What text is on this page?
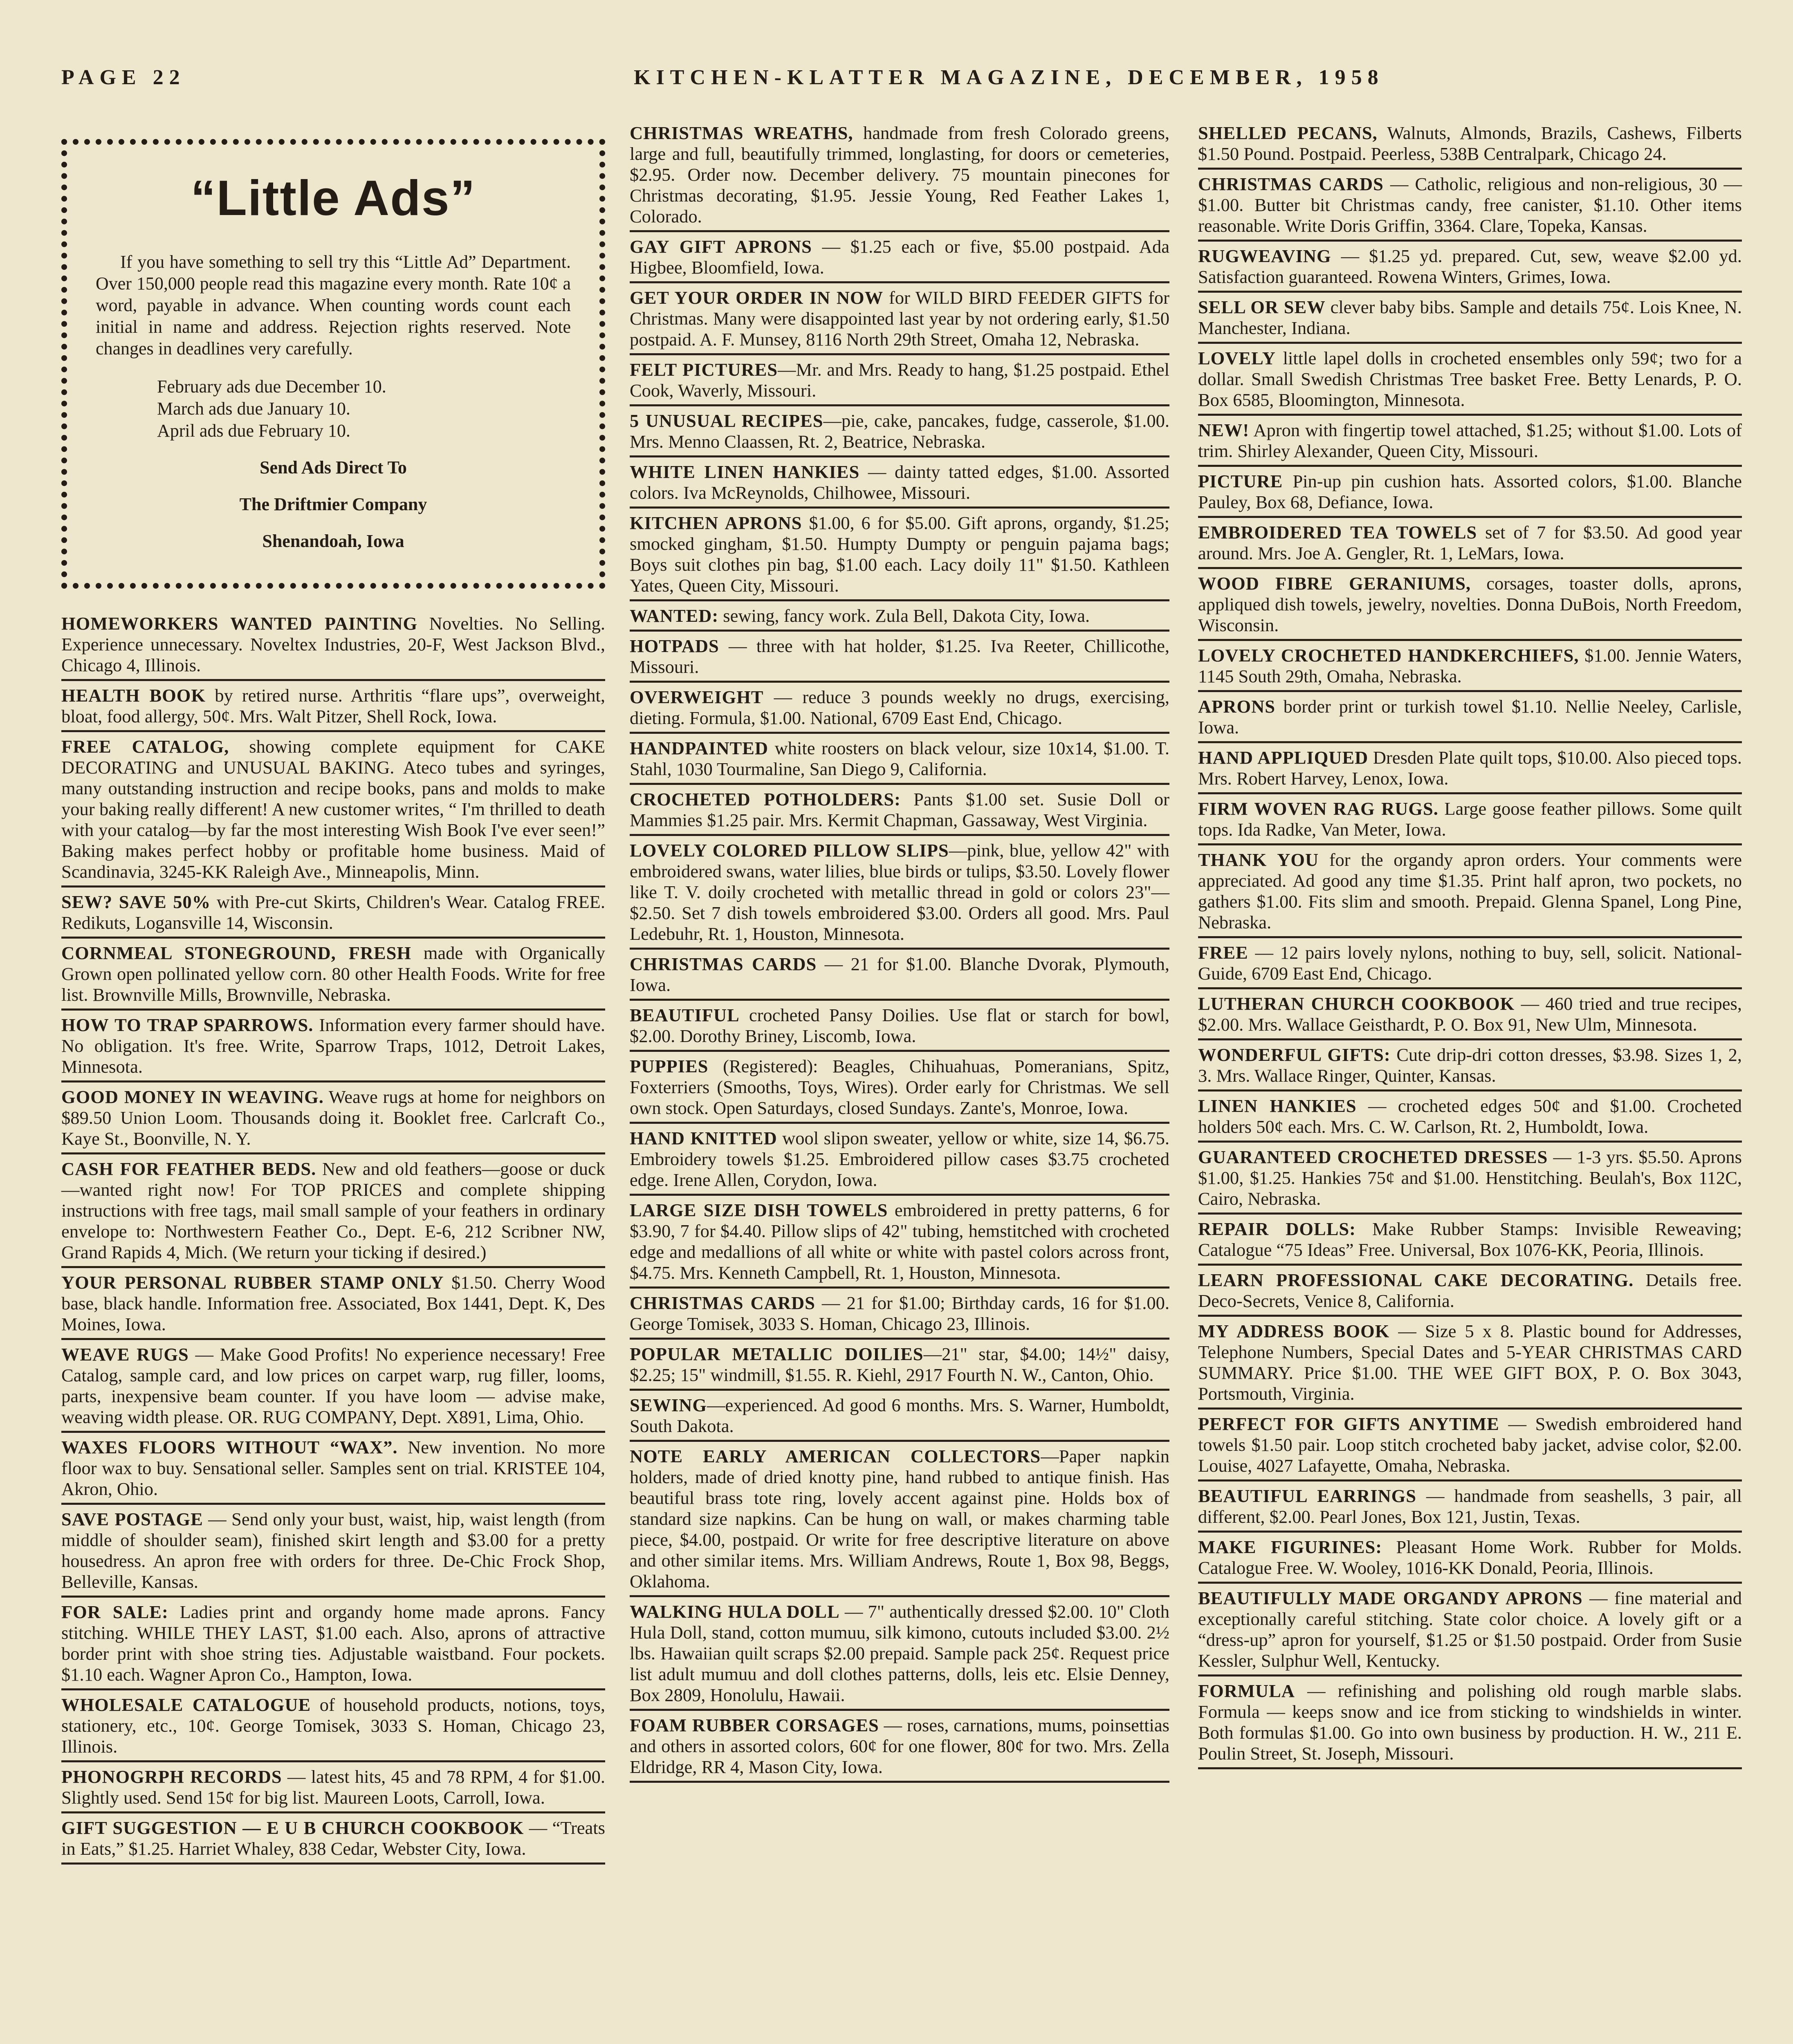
PAGE 22	KITCHEN-KLATTER MAGAZINE, DECEMBER, 1958
“Little Ads”
If you have something to sell try this “Little Ad” Department. Over 150,000 people read this magazine every month. Rate 10¢ a word, payable in advance. When counting words count each initial in name and address. Rejection rights reserved. Note changes in deadlines very carefully.
February ads due December 10.
March ads due January 10.
April ads due February 10.
Send Ads Direct To
The Driftmier Company
Shenandoah, Iowa
HOMEWORKERS WANTED PAINTING Novelties. No Selling. Experience unnecessary. Noveltex Industries, 20-F, West Jackson Blvd., Chicago 4, Illinois.
HEALTH BOOK by retired nurse. Arthritis “flare ups”, overweight, bloat, food allergy, 50¢. Mrs. Walt Pitzer, Shell Rock, Iowa.
FREE CATALOG, showing complete equipment for CAKE DECORATING and UNUSUAL BAKING. Ateco tubes and syringes, many outstanding instruction and recipe books, pans and molds to make your baking really different! A new customer writes, “ I'm thrilled to death with your catalog—by far the most interesting Wish Book I've ever seen!” Baking makes perfect hobby or profitable home business. Maid of Scandinavia, 3245-KK Raleigh Ave., Minneapolis, Minn.
SEW? SAVE 50% with Pre-cut Skirts, Children's Wear. Catalog FREE. Redikuts, Logansville 14, Wisconsin.
CORNMEAL STONEGROUND, FRESH made with Organically Grown open pollinated yellow corn. 80 other Health Foods. Write for free list. Brownville Mills, Brownville, Nebraska.
HOW TO TRAP SPARROWS. Information every farmer should have. No obligation. It's free. Write, Sparrow Traps, 1012, Detroit Lakes, Minnesota.
GOOD MONEY IN WEAVING. Weave rugs at home for neighbors on $89.50 Union Loom. Thousands doing it. Booklet free. Carlcraft Co., Kaye St., Boonville, N. Y.
CASH FOR FEATHER BEDS. New and old feathers—goose or duck—wanted right now! For TOP PRICES and complete shipping instructions with free tags, mail small sample of your feathers in ordinary envelope to: Northwestern Feather Co., Dept. E-6, 212 Scribner NW, Grand Rapids 4, Mich. (We return your ticking if desired.)
YOUR PERSONAL RUBBER STAMP ONLY $1.50. Cherry Wood base, black handle. Information free. Associated, Box 1441, Dept. K, Des Moines, Iowa.
WEAVE RUGS — Make Good Profits! No experience necessary! Free Catalog, sample card, and low prices on carpet warp, rug filler, looms, parts, inexpensive beam counter. If you have loom — advise make, weaving width please. OR. RUG COMPANY, Dept. X891, Lima, Ohio.
WAXES FLOORS WITHOUT “WAX”. New invention. No more floor wax to buy. Sensational seller. Samples sent on trial. KRISTEE 104, Akron, Ohio.
SAVE POSTAGE — Send only your bust, waist, hip, waist length (from middle of shoulder seam), finished skirt length and $3.00 for a pretty housedress. An apron free with orders for three. De-Chic Frock Shop, Belleville, Kansas.
FOR SALE: Ladies print and organdy home made aprons. Fancy stitching. WHILE THEY LAST, $1.00 each. Also, aprons of attractive border print with shoe string ties. Adjustable waistband. Four pockets. $1.10 each. Wagner Apron Co., Hampton, Iowa.
WHOLESALE CATALOGUE of household products, notions, toys, stationery, etc., 10¢. George Tomisek, 3033 S. Homan, Chicago 23, Illinois.
PHONOGRPH RECORDS — latest hits, 45 and 78 RPM, 4 for $1.00. Slightly used. Send 15¢ for big list. Maureen Loots, Carroll, Iowa.
GIFT SUGGESTION — E U B CHURCH COOKBOOK — “Treats in Eats,” $1.25. Harriet Whaley, 838 Cedar, Webster City, Iowa.
CHRISTMAS WREATHS, handmade from fresh Colorado greens, large and full, beautifully trimmed, longlasting, for doors or cemeteries, $2.95. Order now. December delivery. 75 mountain pinecones for Christmas decorating, $1.95. Jessie Young, Red Feather Lakes 1, Colorado.
GAY GIFT APRONS — $1.25 each or five, $5.00 postpaid. Ada Higbee, Bloomfield, Iowa.
GET YOUR ORDER IN NOW for WILD BIRD FEEDER GIFTS for Christmas. Many were disappointed last year by not ordering early, $1.50 postpaid. A. F. Munsey, 8116 North 29th Street, Omaha 12, Nebraska.
FELT PICTURES—Mr. and Mrs. Ready to hang, $1.25 postpaid. Ethel Cook, Waverly, Missouri.
5 UNUSUAL RECIPES—pie, cake, pancakes, fudge, casserole, $1.00. Mrs. Menno Claassen, Rt. 2, Beatrice, Nebraska.
WHITE LINEN HANKIES — dainty tatted edges, $1.00. Assorted colors. Iva McReynolds, Chilhowee, Missouri.
KITCHEN APRONS $1.00, 6 for $5.00. Gift aprons, organdy, $1.25; smocked gingham, $1.50. Humpty Dumpty or penguin pajama bags; Boys suit clothes pin bag, $1.00 each. Lacy doily 11" $1.50. Kathleen Yates, Queen City, Missouri.
WANTED: sewing, fancy work. Zula Bell, Dakota City, Iowa.
HOTPADS — three with hat holder, $1.25. Iva Reeter, Chillicothe, Missouri.
OVERWEIGHT — reduce 3 pounds weekly no drugs, exercising, dieting. Formula, $1.00. National, 6709 East End, Chicago.
HANDPAINTED white roosters on black velour, size 10x14, $1.00. T. Stahl, 1030 Tourmaline, San Diego 9, California.
CROCHETED POTHOLDERS: Pants $1.00 set. Susie Doll or Mammies $1.25 pair. Mrs. Kermit Chapman, Gassaway, West Virginia.
LOVELY COLORED PILLOW SLIPS—pink, blue, yellow 42" with embroidered swans, water lilies, blue birds or tulips, $3.50. Lovely flower like T. V. doily crocheted with metallic thread in gold or colors 23"—$2.50. Set 7 dish towels embroidered $3.00. Orders all good. Mrs. Paul Ledebuhr, Rt. 1, Houston, Minnesota.
CHRISTMAS CARDS — 21 for $1.00. Blanche Dvorak, Plymouth, Iowa.
BEAUTIFUL crocheted Pansy Doilies. Use flat or starch for bowl, $2.00. Dorothy Briney, Liscomb, Iowa.
PUPPIES (Registered): Beagles, Chihuahuas, Pomeranians, Spitz, Foxterriers (Smooths, Toys, Wires). Order early for Christmas. We sell own stock. Open Saturdays, closed Sundays. Zante's, Monroe, Iowa.
HAND KNITTED wool slipon sweater, yellow or white, size 14, $6.75. Embroidery towels $1.25. Embroidered pillow cases $3.75 crocheted edge. Irene Allen, Corydon, Iowa.
LARGE SIZE DISH TOWELS embroidered in pretty patterns, 6 for $3.90, 7 for $4.40. Pillow slips of 42" tubing, hemstitched with crocheted edge and medallions of all white or white with pastel colors across front, $4.75. Mrs. Kenneth Campbell, Rt. 1, Houston, Minnesota.
CHRISTMAS CARDS — 21 for $1.00; Birthday cards, 16 for $1.00. George Tomisek, 3033 S. Homan, Chicago 23, Illinois.
POPULAR METALLIC DOILIES—21" star, $4.00; 14½" daisy, $2.25; 15" windmill, $1.55. R. Kiehl, 2917 Fourth N. W., Canton, Ohio.
SEWING—experienced. Ad good 6 months. Mrs. S. Warner, Humboldt, South Dakota.
NOTE EARLY AMERICAN COLLECTORS—Paper napkin holders, made of dried knotty pine, hand rubbed to antique finish. Has beautiful brass tote ring, lovely accent against pine. Holds box of standard size napkins. Can be hung on wall, or makes charming table piece, $4.00, postpaid. Or write for free descriptive literature on above and other similar items. Mrs. William Andrews, Route 1, Box 98, Beggs, Oklahoma.
WALKING HULA DOLL — 7" authentically dressed $2.00. 10" Cloth Hula Doll, stand, cotton mumuu, silk kimono, cutouts included $3.00. 2½ lbs. Hawaiian quilt scraps $2.00 prepaid. Sample pack 25¢. Request price list adult mumuu and doll clothes patterns, dolls, leis etc. Elsie Denney, Box 2809, Honolulu, Hawaii.
FOAM RUBBER CORSAGES — roses, carnations, mums, poinsettias and others in assorted colors, 60¢ for one flower, 80¢ for two. Mrs. Zella Eldridge, RR 4, Mason City, Iowa.
SHELLED PECANS, Walnuts, Almonds, Brazils, Cashews, Filberts $1.50 Pound. Postpaid. Peerless, 538B Centralpark, Chicago 24.
CHRISTMAS CARDS — Catholic, religious and non-religious, 30 — $1.00. Butter bit Christmas candy, free canister, $1.10. Other items reasonable. Write Doris Griffin, 3364. Clare, Topeka, Kansas.
RUGWEAVING — $1.25 yd. prepared. Cut, sew, weave $2.00 yd. Satisfaction guaranteed. Rowena Winters, Grimes, Iowa.
SELL OR SEW clever baby bibs. Sample and details 75¢. Lois Knee, N. Manchester, Indiana.
LOVELY little lapel dolls in crocheted ensembles only 59¢; two for a dollar. Small Swedish Christmas Tree basket Free. Betty Lenards, P. O. Box 6585, Bloomington, Minnesota.
NEW! Apron with fingertip towel attached, $1.25; without $1.00. Lots of trim. Shirley Alexander, Queen City, Missouri.
PICTURE Pin-up pin cushion hats. Assorted colors, $1.00. Blanche Pauley, Box 68, Defiance, Iowa.
EMBROIDERED TEA TOWELS set of 7 for $3.50. Ad good year around. Mrs. Joe A. Gengler, Rt. 1, LeMars, Iowa.
WOOD FIBRE GERANIUMS, corsages, toaster dolls, aprons, appliqued dish towels, jewelry, novelties. Donna DuBois, North Freedom, Wisconsin.
LOVELY CROCHETED HANDKERCHIEFS, $1.00. Jennie Waters, 1145 South 29th, Omaha, Nebraska.
APRONS border print or turkish towel $1.10. Nellie Neeley, Carlisle, Iowa.
HAND APPLIQUED Dresden Plate quilt tops, $10.00. Also pieced tops. Mrs. Robert Harvey, Lenox, Iowa.
FIRM WOVEN RAG RUGS. Large goose feather pillows. Some quilt tops. Ida Radke, Van Meter, Iowa.
THANK YOU for the organdy apron orders. Your comments were appreciated. Ad good any time $1.35. Print half apron, two pockets, no gathers $1.00. Fits slim and smooth. Prepaid. Glenna Spanel, Long Pine, Nebraska.
FREE — 12 pairs lovely nylons, nothing to buy, sell, solicit. National-Guide, 6709 East End, Chicago.
LUTHERAN CHURCH COOKBOOK — 460 tried and true recipes, $2.00. Mrs. Wallace Geisthardt, P. O. Box 91, New Ulm, Minnesota.
WONDERFUL GIFTS: Cute drip-dri cotton dresses, $3.98. Sizes 1, 2, 3. Mrs. Wallace Ringer, Quinter, Kansas.
LINEN HANKIES — crocheted edges 50¢ and $1.00. Crocheted holders 50¢ each. Mrs. C. W. Carlson, Rt. 2, Humboldt, Iowa.
GUARANTEED CROCHETED DRESSES — 1-3 yrs. $5.50. Aprons $1.00, $1.25. Hankies 75¢ and $1.00. Henstitching. Beulah's, Box 112C, Cairo, Nebraska.
REPAIR DOLLS: Make Rubber Stamps: Invisible Reweaving; Catalogue “75 Ideas” Free. Universal, Box 1076-KK, Peoria, Illinois.
LEARN PROFESSIONAL CAKE DECORATING. Details free. Deco-Secrets, Venice 8, California.
MY ADDRESS BOOK — Size 5 x 8. Plastic bound for Addresses, Telephone Numbers, Special Dates and 5-YEAR CHRISTMAS CARD SUMMARY. Price $1.00. THE WEE GIFT BOX, P. O. Box 3043, Portsmouth, Virginia.
PERFECT FOR GIFTS ANYTIME — Swedish embroidered hand towels $1.50 pair. Loop stitch crocheted baby jacket, advise color, $2.00. Louise, 4027 Lafayette, Omaha, Nebraska.
BEAUTIFUL EARRINGS — handmade from seashells, 3 pair, all different, $2.00. Pearl Jones, Box 121, Justin, Texas.
MAKE FIGURINES: Pleasant Home Work. Rubber for Molds. Catalogue Free. W. Wooley, 1016-KK Donald, Peoria, Illinois.
BEAUTIFULLY MADE ORGANDY APRONS — fine material and exceptionally careful stitching. State color choice. A lovely gift or a “dress-up” apron for yourself, $1.25 or $1.50 postpaid. Order from Susie Kessler, Sulphur Well, Kentucky.
FORMULA — refinishing and polishing old rough marble slabs. Formula — keeps snow and ice from sticking to windshields in winter. Both formulas $1.00. Go into own business by production. H. W., 211 E. Poulin Street, St. Joseph, Missouri.
